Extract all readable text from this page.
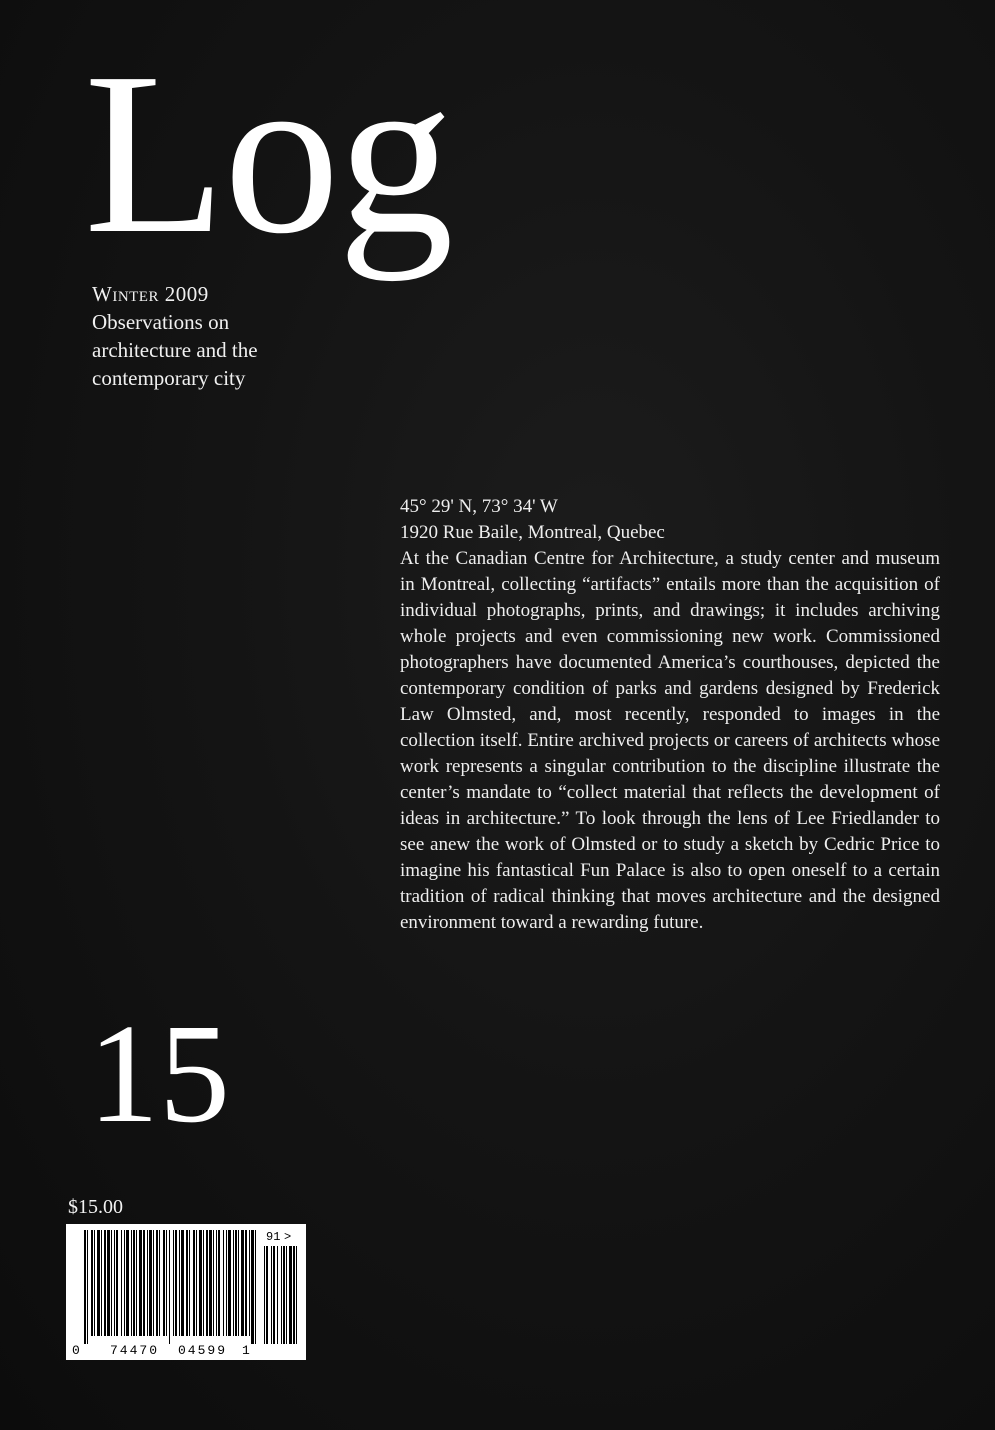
Log
Winter 2009

Observations on architecture and the contemporary city

45° 29' N, 73° 34' W

1920 Rue Baile, Montreal, Quebec

At the Canadian Centre for Architecture, a study center and museum in Montreal, collecting “artifacts” entails more than the acquisition of individual photographs, prints, and drawings; it includes archiving whole projects and even commissioning new work. Commissioned photographers have documented America’s courthouses, depicted the contemporary condition of parks and gardens designed by Frederick Law Olmsted, and, most recently, responded to images in the collection itself. Entire archived projects or careers of architects whose work represents a singular contribution to the discipline illustrate the center’s mandate to “collect material that reflects the development of ideas in architecture.” To look through the lens of Lee Friedlander to see anew the work of Olmsted or to study a sketch by Cedric Price to imagine his fantastical Fun Palace is also to open oneself to a certain tradition of radical thinking that moves architecture and the designed environment toward a rewarding future.

15
$15.00
0 74470 04599 1
91 >
